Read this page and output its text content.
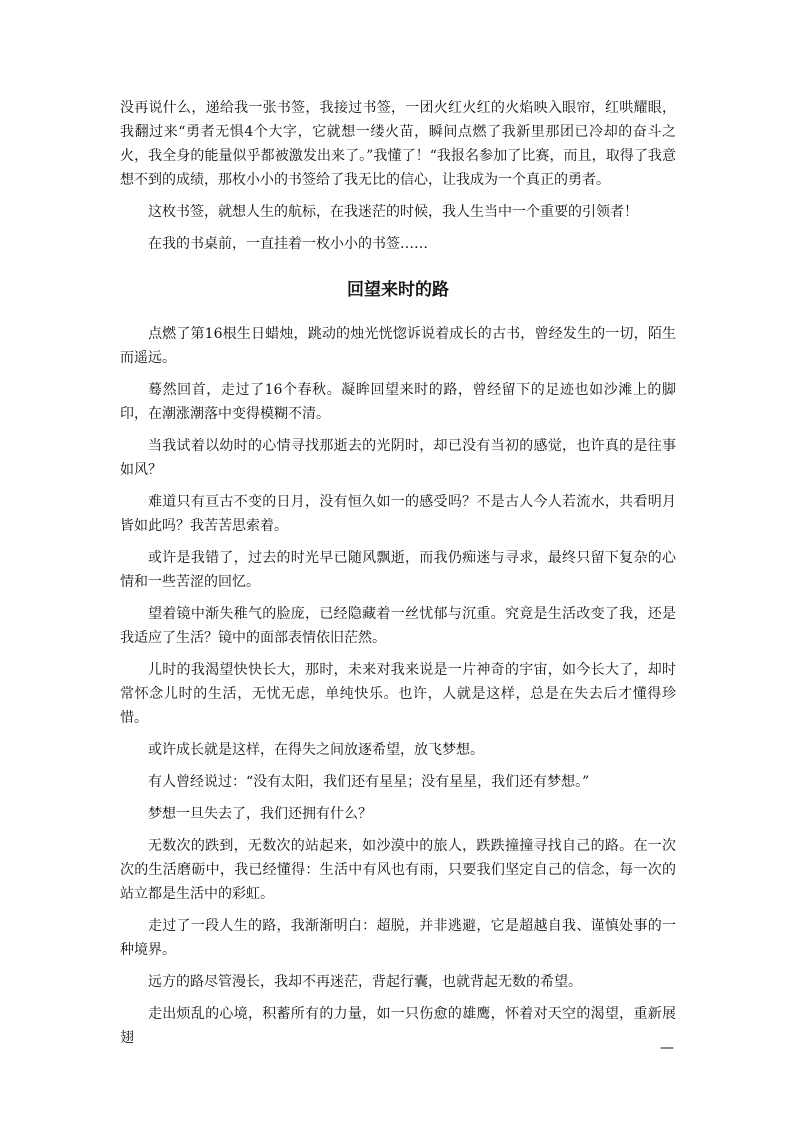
没再说什么，递给我一张书签，我接过书签，一团火红火红的火焰映入眼帘，红哄耀眼，我翻过来“勇者无惧4个大字，它就想一缕火苗，瞬间点燃了我新里那团已冷却的奋斗之火，我全身的能量似乎都被激发出来了。”我懂了！“我报名参加了比赛，而且，取得了我意想不到的成绩，那枚小小的书签给了我无比的信心，让我成为一个真正的勇者。

这枚书签，就想人生的航标，在我迷茫的时候，我人生当中一个重要的引领者！

在我的书桌前，一直挂着一枚小小的书签……

回望来时的路

点燃了第16根生日蜡烛，跳动的烛光恍惚诉说着成长的古书，曾经发生的一切，陌生而遥远。

蓦然回首，走过了16个春秋。凝眸回望来时的路，曾经留下的足迹也如沙滩上的脚印，在潮涨潮落中变得模糊不清。

当我试着以幼时的心情寻找那逝去的光阴时，却已没有当初的感觉，也许真的是往事如风？

难道只有亘古不变的日月，没有恒久如一的感受吗？不是古人今人若流水，共看明月皆如此吗？我苦苦思索着。

或许是我错了，过去的时光早已随风飘逝，而我仍痴迷与寻求，最终只留下复杂的心情和一些苦涩的回忆。

望着镜中渐失稚气的脸庞，已经隐藏着一丝忧郁与沉重。究竟是生活改变了我，还是我适应了生活？镜中的面部表情依旧茫然。

儿时的我渴望快快长大，那时，未来对我来说是一片神奇的宇宙，如今长大了，却时常怀念儿时的生活，无忧无虑，单纯快乐。也许，人就是这样，总是在失去后才懂得珍惜。

或许成长就是这样，在得失之间放逐希望，放飞梦想。

有人曾经说过：“没有太阳，我们还有星星；没有星星，我们还有梦想。”

梦想一旦失去了，我们还拥有什么？

无数次的跌到，无数次的站起来，如沙漠中的旅人，跌跌撞撞寻找自己的路。在一次次的生活磨砺中，我已经懂得：生活中有风也有雨，只要我们坚定自己的信念，每一次的站立都是生活中的彩虹。

走过了一段人生的路，我渐渐明白：超脱，并非逃避，它是超越自我、谨慎处事的一种境界。

远方的路尽管漫长，我却不再迷茫，背起行囊，也就背起无数的希望。

走出烦乱的心境，积蓄所有的力量，如一只伤愈的雄鹰，怀着对天空的渴望，重新展翅

—
